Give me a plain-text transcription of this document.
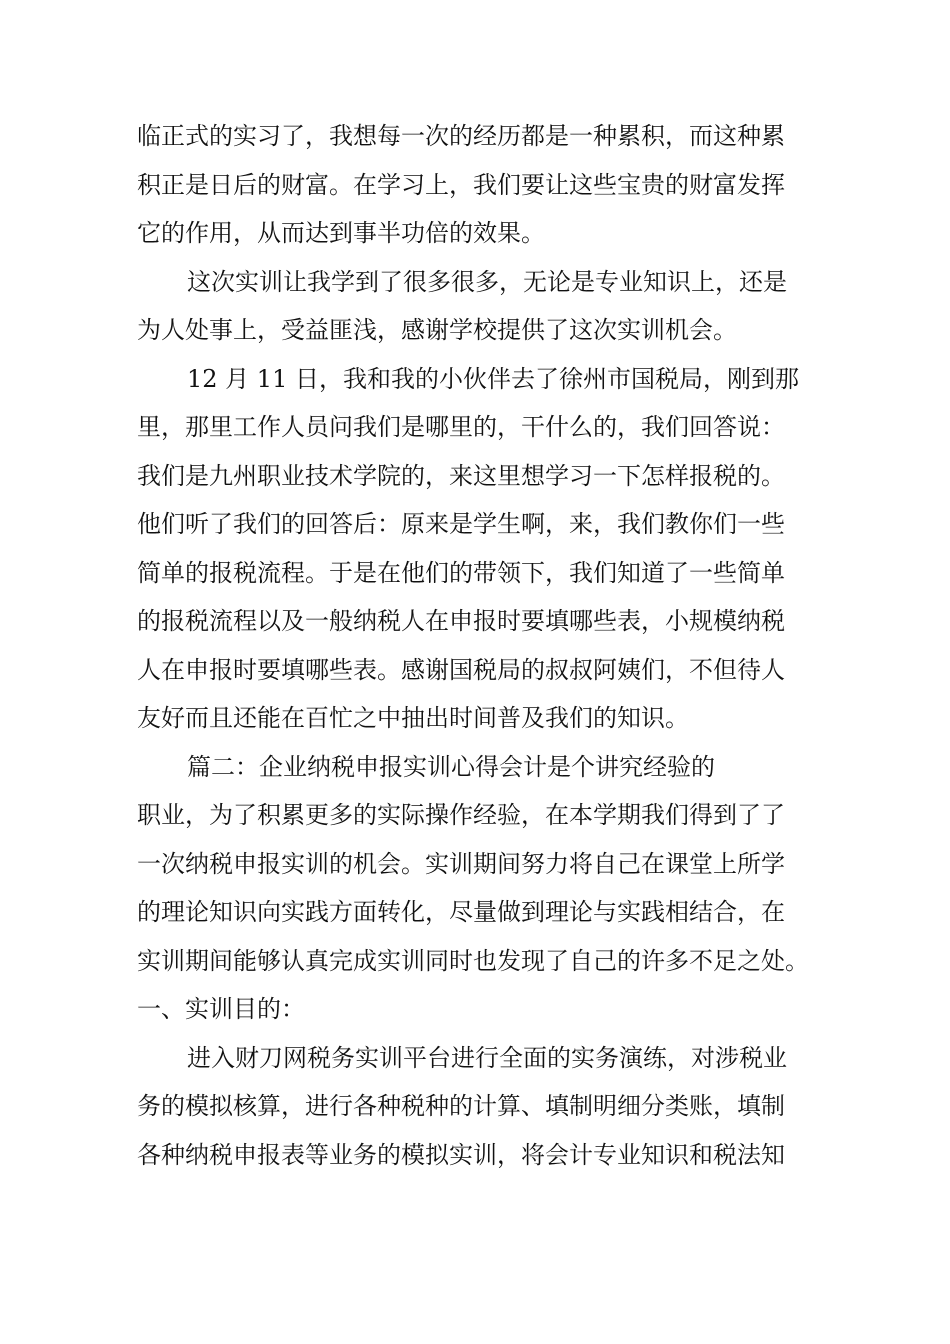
临正式的实习了，我想每一次的经历都是一种累积，而这种累
积正是日后的财富。在学习上，我们要让这些宝贵的财富发挥
它的作用，从而达到事半功倍的效果。
这次实训让我学到了很多很多，无论是专业知识上，还是
为人处事上，受益匪浅，感谢学校提供了这次实训机会。
12 月 11 日，我和我的小伙伴去了徐州市国税局，刚到那
里，那里工作人员问我们是哪里的，干什么的，我们回答说：
我们是九州职业技术学院的，来这里想学习一下怎样报税的。
他们听了我们的回答后：原来是学生啊，来，我们教你们一些
简单的报税流程。于是在他们的带领下，我们知道了一些简单
的报税流程以及一般纳税人在申报时要填哪些表，小规模纳税
人在申报时要填哪些表。感谢国税局的叔叔阿姨们，不但待人
友好而且还能在百忙之中抽出时间普及我们的知识。
篇二：企业纳税申报实训心得会计是个讲究经验的
职业，为了积累更多的实际操作经验，在本学期我们得到了了
一次纳税申报实训的机会。实训期间努力将自己在课堂上所学
的理论知识向实践方面转化，尽量做到理论与实践相结合，在
实训期间能够认真完成实训同时也发现了自己的许多不足之处。
一、实训目的：
进入财刀网税务实训平台进行全面的实务演练，对涉税业
务的模拟核算，进行各种税种的计算、填制明细分类账，填制
各种纳税申报表等业务的模拟实训，将会计专业知识和税法知
